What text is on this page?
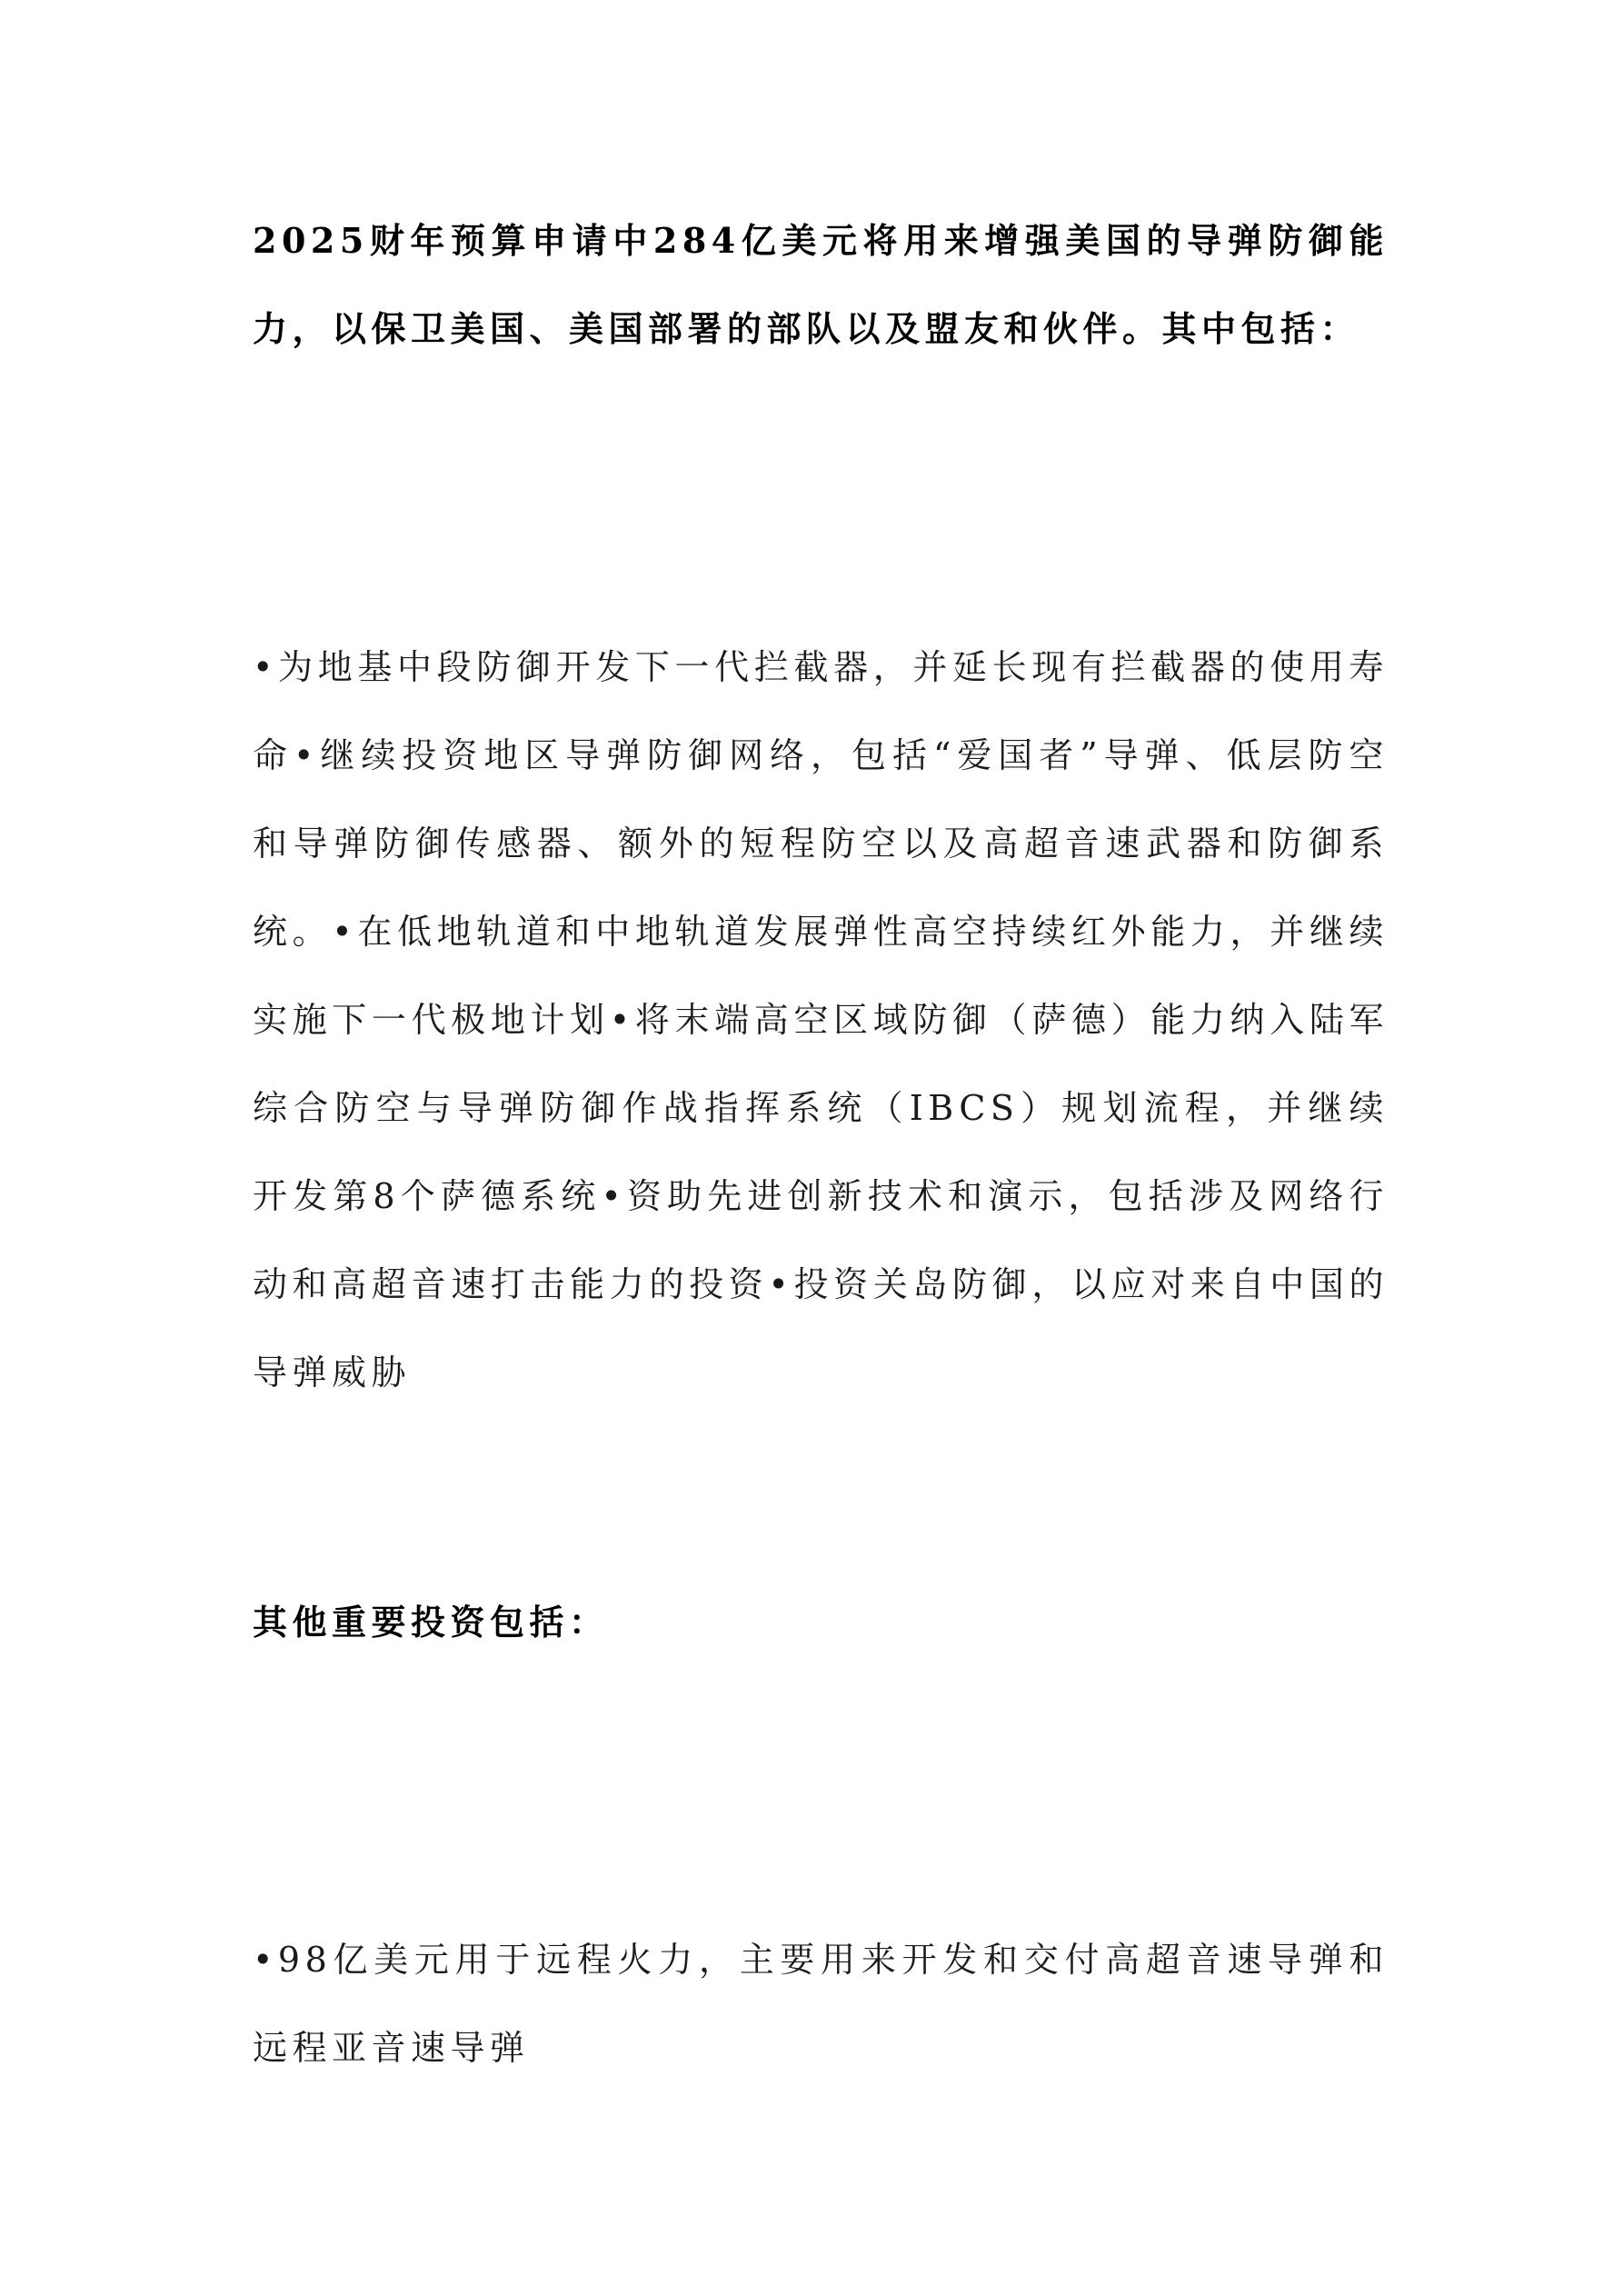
2025财年预算申请中284亿美元将用来增强美国的导弹防御能力，以保卫美国、美国部署的部队以及盟友和伙伴。其中包括：

•为地基中段防御开发下一代拦截器，并延长现有拦截器的使用寿命•继续投资地区导弹防御网络，包括“爱国者”导弹、低层防空和导弹防御传感器、额外的短程防空以及高超音速武器和防御系统。•在低地轨道和中地轨道发展弹性高空持续红外能力，并继续实施下一代极地计划•将末端高空区域防御（萨德）能力纳入陆军综合防空与导弹防御作战指挥系统（IBCS）规划流程，并继续开发第8个萨德系统•资助先进创新技术和演示，包括涉及网络行动和高超音速打击能力的投资•投资关岛防御，以应对来自中国的导弹威胁

其他重要投资包括：

•98亿美元用于远程火力，主要用来开发和交付高超音速导弹和远程亚音速导弹
